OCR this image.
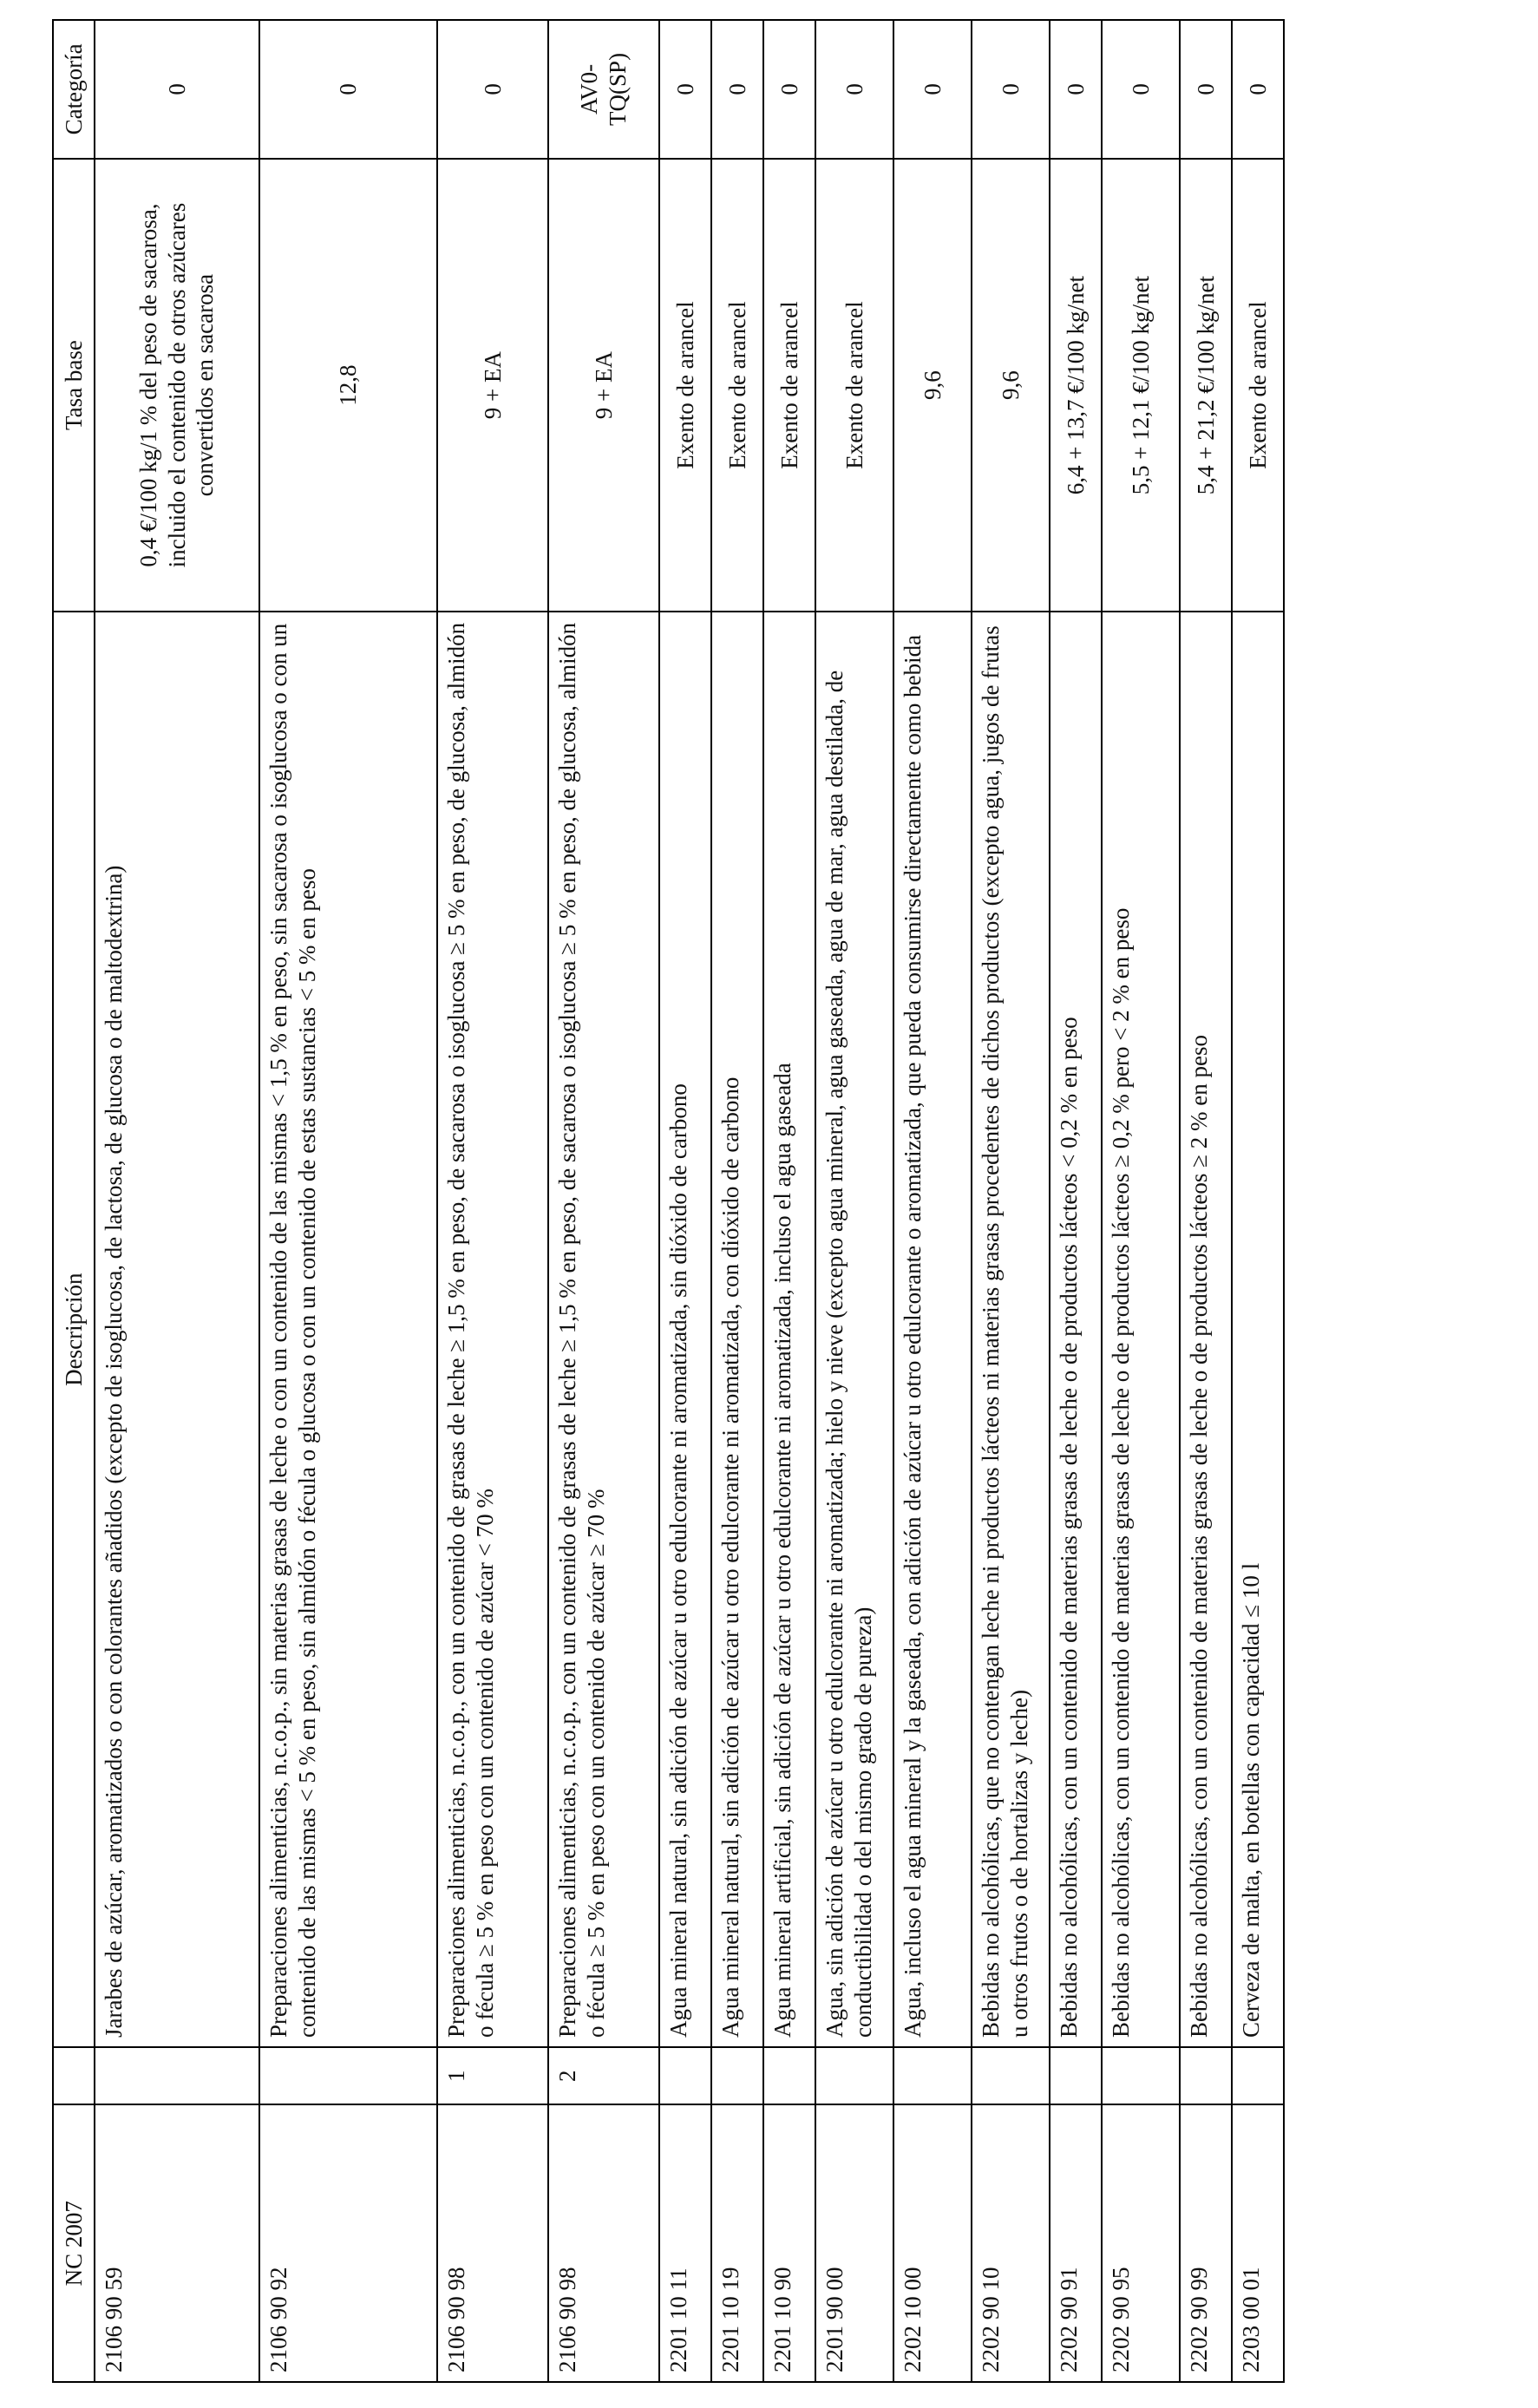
NC 2007		Descripción	Tasa base	Categoría
2106 90 59		Jarabes de azúcar, aromatizados o con colorantes añadidos (excepto de isoglucosa, de lactosa, de glucosa o de maltodextrina)	0,4 €/100 kg/1 % del peso de sacarosa, incluido el contenido de otros azúcares convertidos en sacarosa	0
2106 90 92		Preparaciones alimenticias, n.c.o.p., sin materias grasas de leche o con un contenido de las mismas < 1,5 % en peso, sin sacarosa o isoglucosa o con un contenido de las mismas < 5 % en peso, sin almidón o fécula o glucosa o con un contenido de estas sustancias < 5 % en peso	12,8	0
2106 90 98	1	Preparaciones alimenticias, n.c.o.p., con un contenido de grasas de leche ≥ 1,5 % en peso, de sacarosa o isoglucosa ≥ 5 % en peso, de glucosa, almidón o fécula ≥ 5 % en peso con un contenido de azúcar < 70 %	9 + EA	0
2106 90 98	2	Preparaciones alimenticias, n.c.o.p., con un contenido de grasas de leche ≥ 1,5 % en peso, de sacarosa o isoglucosa ≥ 5 % en peso, de glucosa, almidón o fécula ≥ 5 % en peso con un contenido de azúcar ≥ 70 %	9 + EA	AV0-TQ(SP)
2201 10 11		Agua mineral natural, sin adición de azúcar u otro edulcorante ni aromatizada, sin dióxido de carbono	Exento de arancel	0
2201 10 19		Agua mineral natural, sin adición de azúcar u otro edulcorante ni aromatizada, con dióxido de carbono	Exento de arancel	0
2201 10 90		Agua mineral artificial, sin adición de azúcar u otro edulcorante ni aromatizada, incluso el agua gaseada	Exento de arancel	0
2201 90 00		Agua, sin adición de azúcar u otro edulcorante ni aromatizada; hielo y nieve (excepto agua mineral, agua gaseada, agua de mar, agua destilada, de conductibilidad o del mismo grado de pureza)	Exento de arancel	0
2202 10 00		Agua, incluso el agua mineral y la gaseada, con adición de azúcar u otro edulcorante o aromatizada, que pueda consumirse directamente como bebida	9,6	0
2202 90 10		Bebidas no alcohólicas, que no contengan leche ni productos lácteos ni materias grasas procedentes de dichos productos (excepto agua, jugos de frutas u otros frutos o de hortalizas y leche)	9,6	0
2202 90 91		Bebidas no alcohólicas, con un contenido de materias grasas de leche o de productos lácteos < 0,2 % en peso	6,4 + 13,7 €/100 kg/net	0
2202 90 95		Bebidas no alcohólicas, con un contenido de materias grasas de leche o de productos lácteos ≥ 0,2 % pero < 2 % en peso	5,5 + 12,1 €/100 kg/net	0
2202 90 99		Bebidas no alcohólicas, con un contenido de materias grasas de leche o de productos lácteos ≥ 2 % en peso	5,4 + 21,2 €/100 kg/net	0
2203 00 01		Cerveza de malta, en botellas con capacidad ≤ 10 l	Exento de arancel	0
